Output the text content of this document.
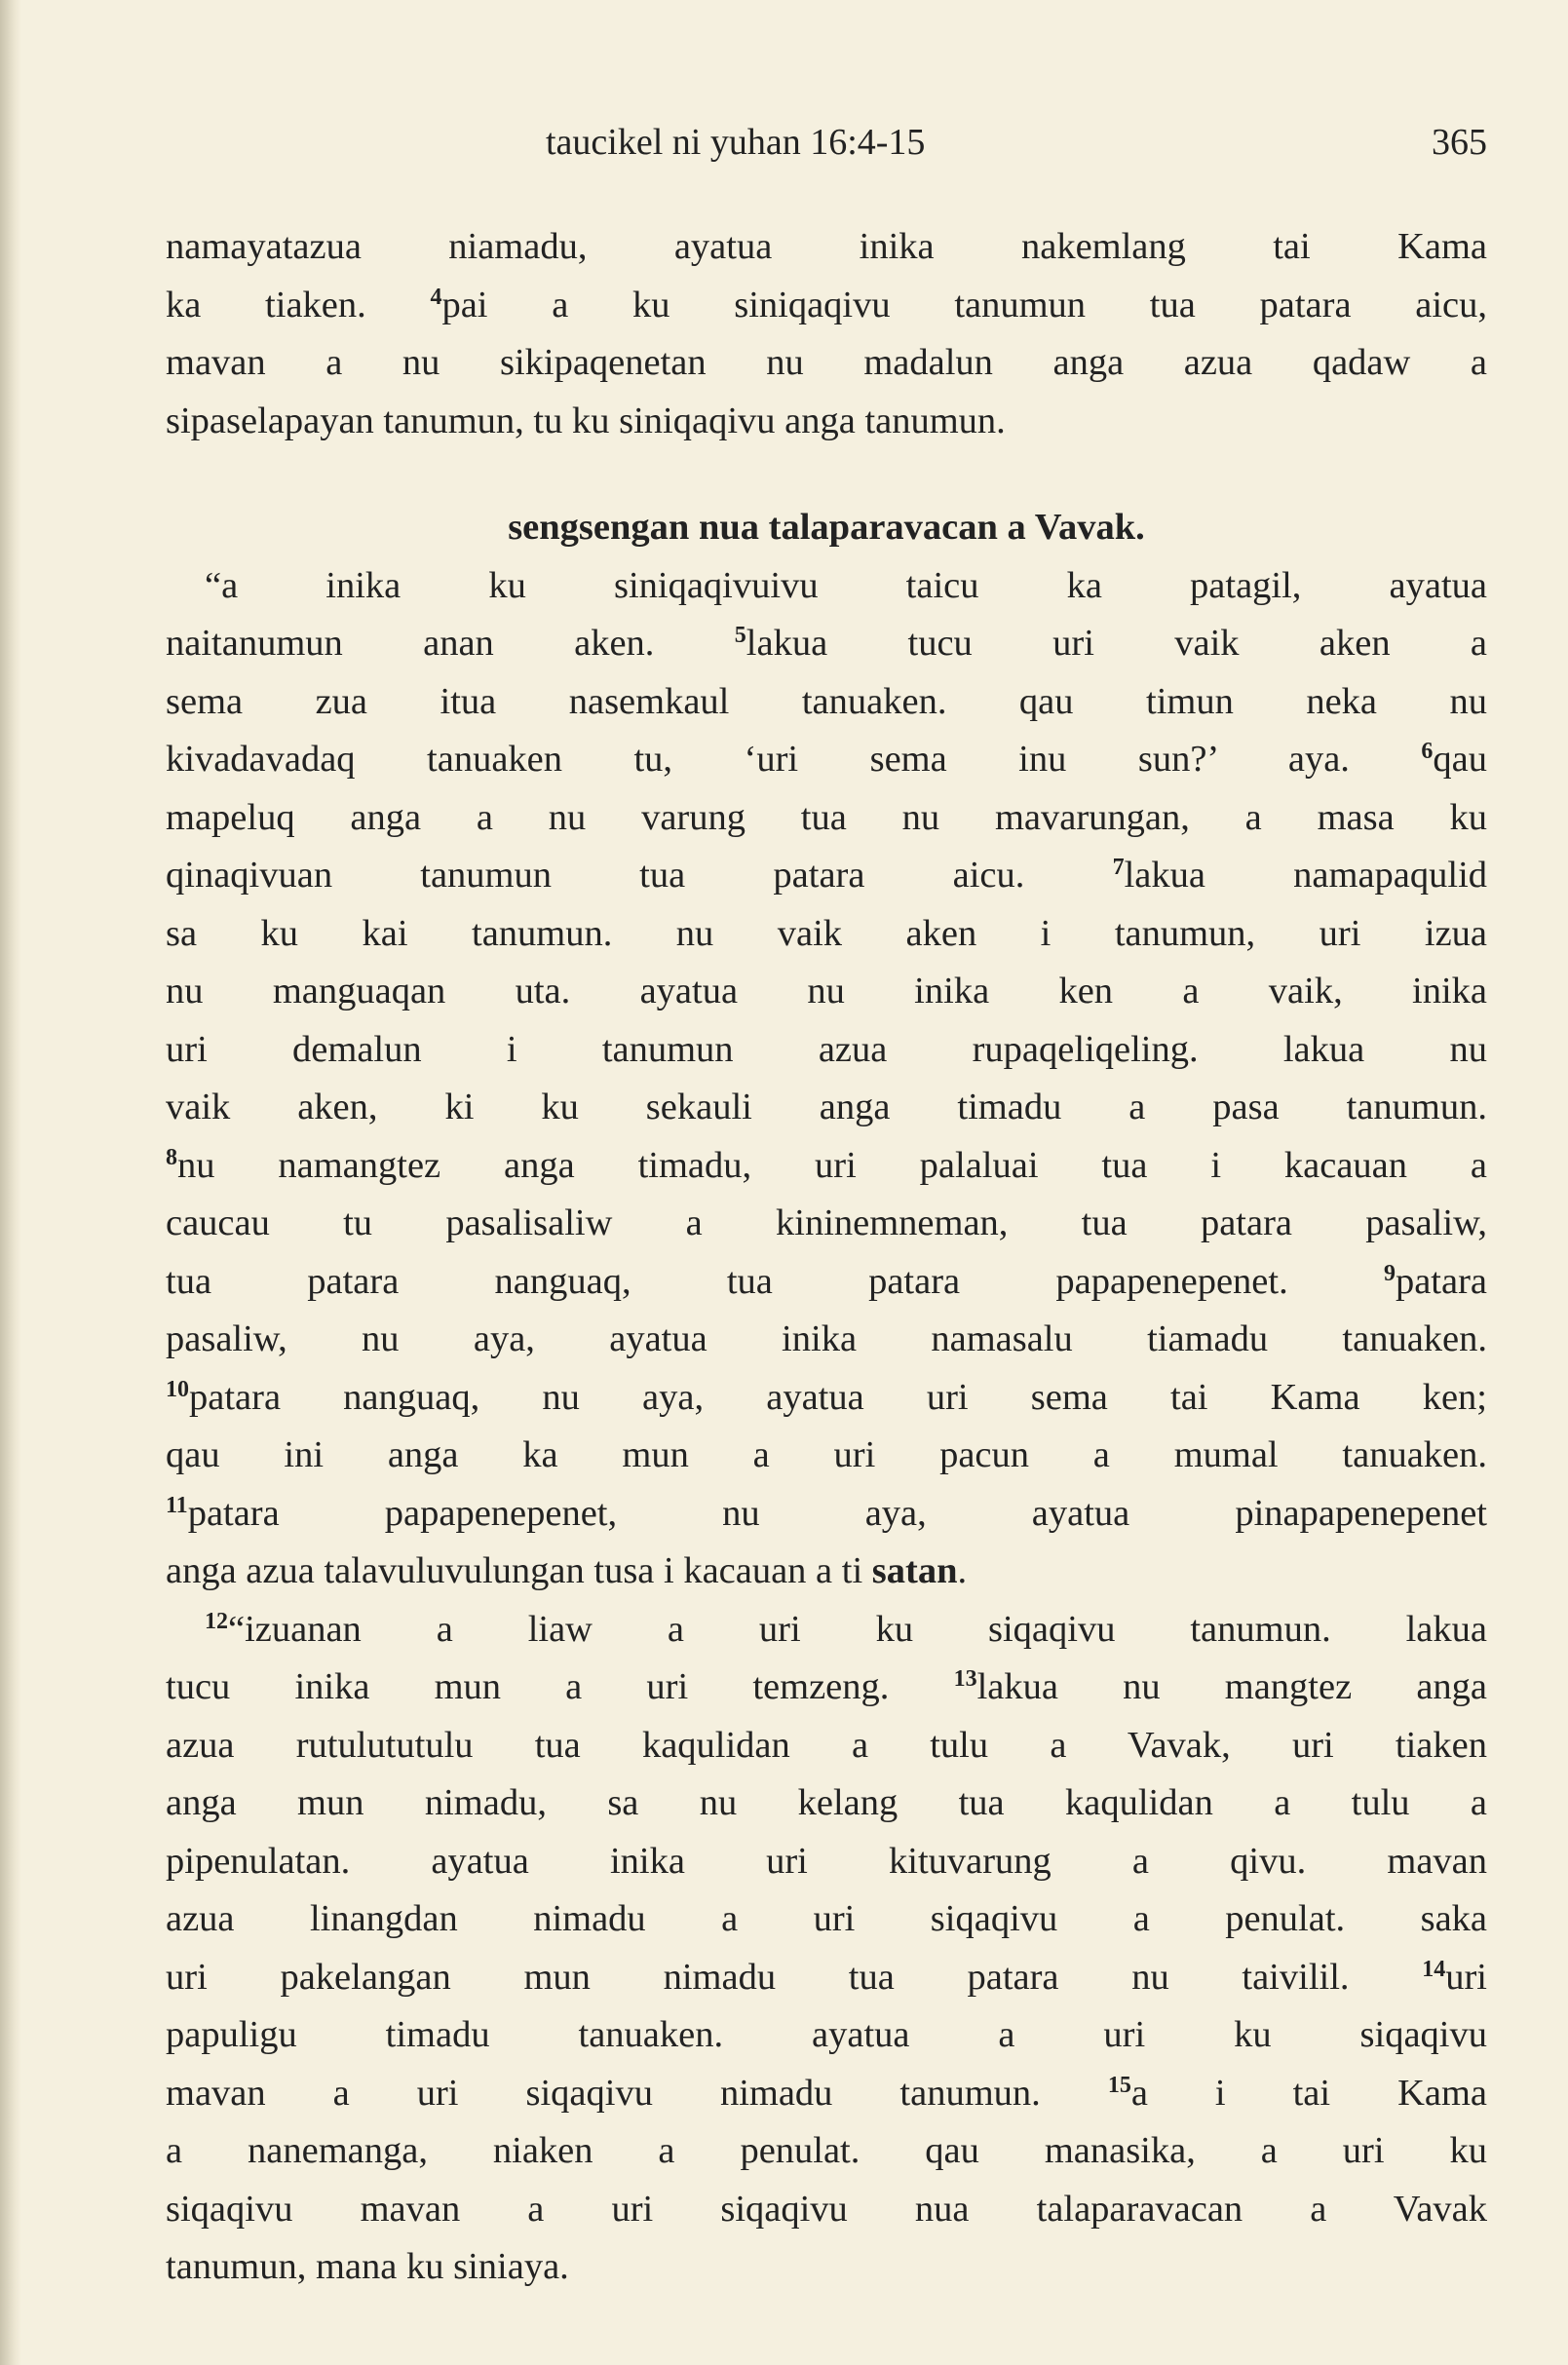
taucikel ni yuhan 16:4-15	365
namayatazua niamadu, ayatua inika nakemlang tai Kama
ka tiaken.	$^4$pai a ku siniqaqivu tanumun tua patara aicu,
mavan a nu sikipaqenetan nu madalun anga azua qadaw a
sipaselapayan tanumun, tu ku siniqaqivu anga tanumun.
sengsengan nua talaparavacan a Vavak.
“a inika ku siniqaqivuivu taicu ka patagil, ayatua
naitanumun anan aken.	$^5$lakua tucu uri vaik aken a
sema zua itua nasemkaul tanuaken. qau timun neka nu
kivadavadaq tanuaken tu, ‘uri sema inu sun?’ aya.	$^6$qau
mapeluq anga a nu varung tua nu mavarungan, a masa ku
qinaqivuan tanumun tua patara aicu.	$^7$lakua namapaqulid
sa ku kai tanumun. nu vaik aken i tanumun, uri izua
nu manguaqan uta. ayatua nu inika ken a vaik, inika
uri demalun i tanumun azua rupaqeliqeling. lakua nu
vaik aken, ki ku sekauli anga timadu a pasa tanumun.
$^8$nu namangtez anga timadu, uri palaluai tua i kacauan a
caucau tu pasalisaliw a kininemneman, tua patara pasaliw,
tua patara nanguaq, tua patara papapenepenet.	$^9$patara
pasaliw, nu aya, ayatua inika namasalu tiamadu tanuaken.
$^{10}$patara nanguaq, nu aya, ayatua uri sema tai Kama ken;
qau ini anga ka mun a uri pacun a mumal tanuaken.
$^{11}$patara papapenepenet, nu aya, ayatua pinapapenepenet
anga azua talavuluvulungan tusa i kacauan a ti satan.
$^{12}$“izuanan a liaw a uri ku siqaqivu tanumun. lakua
tucu inika mun a uri temzeng.	$^{13}$lakua nu mangtez anga
azua rutulututulu tua kaqulidan a tulu a Vavak, uri tiaken
anga mun nimadu, sa nu kelang tua kaqulidan a tulu a
pipenulatan. ayatua inika uri kituvarung a qivu. mavan
azua linangdan nimadu a uri siqaqivu a penulat. saka
uri pakelangan mun nimadu tua patara nu taivilil.	$^{14}$uri
papuligu timadu tanuaken. ayatua a uri ku siqaqivu
mavan a uri siqaqivu nimadu tanumun.	$^{15}$a i tai Kama
a nanemanga, niaken a penulat. qau manasika, a uri ku
siqaqivu mavan a uri siqaqivu nua talaparavacan a Vavak
tanumun, mana ku siniaya.
